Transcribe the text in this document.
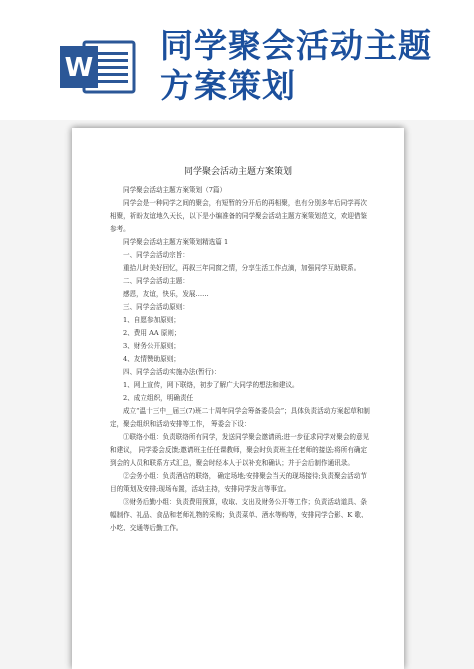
W
同学聚会活动主题方案策划
同学聚会活动主题方案策划

同学聚会活动主题方案策划（7篇）

同学会是一种同学之间的聚会，有短暂的分开后的再相聚，也有分别多年后同学再次相聚，祈盼友谊地久天长，以下是小编准备的同学聚会活动主题方案策划范文，欢迎借鉴参考。

同学聚会活动主题方案策划精选篇 1

一、同学会活动宗旨：

重拾儿时美好回忆，再叙三年同窗之情，分享生活工作点滴，加强同学互助联系。

二、同学会活动主题：

感恩，友谊，快乐，发展……

三、同学会活动原则：

1、自愿参加原则；

2、费用 AA 原则；

3、财务公开原则；

4、友情赞助原则；

四、同学会活动实施办法(暂行)：

1、网上宣传，网下联络，初步了解广大同学的想法和建议。

2、成立组织，明确责任

成立“温十三中__届三(7)班二十周年同学会筹备委员会”；具体负责活动方案起草和制定，聚会组织和活动安排等工作， 筹委会下设：

①联络小组：负责联络所有同学，发送同学聚会邀请函;进一步征求同学对聚会的意见和建议， 同学委会反馈;邀请班主任任课教师，聚会时负责班主任老师的接送;将所有确定到会的人员和联系方式汇总，聚会时经本人于以补充和确认；并于会后制作通讯录。

②会务小组：负责酒店的联络， 确定场地;安排聚会当天的现场接待;负责聚会活动节目的策划及安排;现场布置，活动主持，安排同学发言等事宜。

③财务后勤小组：负责费用预算，收取、支出及财务公开等工作；负责活动道具、条幅制作、礼品、食品和老师礼物的采购；负责菜单、酒水等购等，安排同学合影、K 歌、小吃、交通等后勤工作。
